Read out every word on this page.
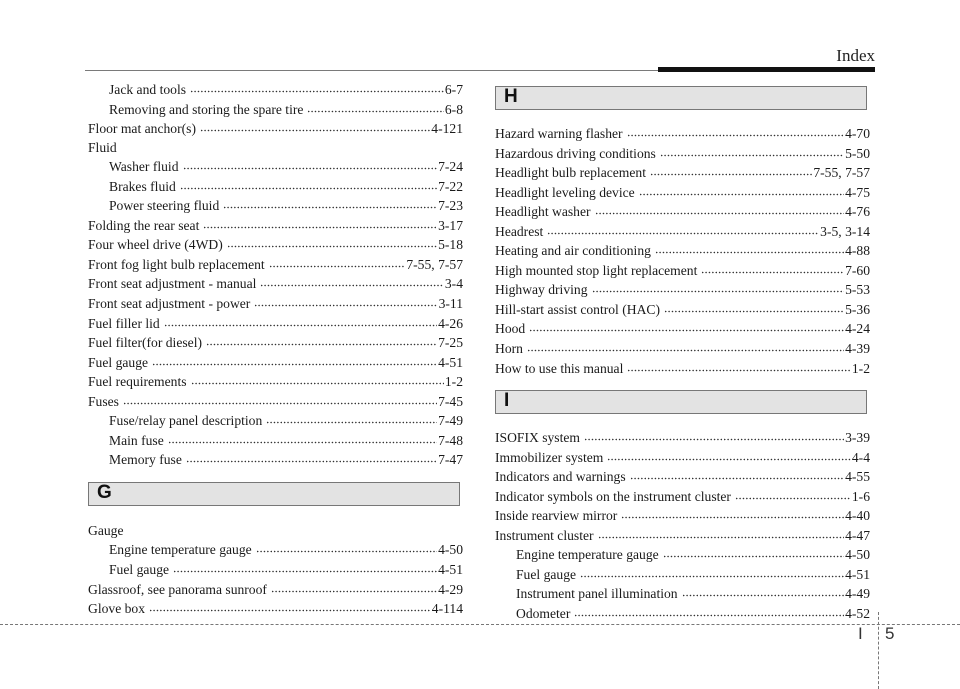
Index
Jack and tools	6-7
Removing and storing the spare tire	6-8
Floor mat anchor(s)	4-121
Fluid
Washer fluid	7-24
Brakes fluid	7-22
Power steering fluid	7-23
Folding the rear seat	3-17
Four wheel drive (4WD)	5-18
Front fog light bulb replacement	7-55, 7-57
Front seat adjustment - manual	3-4
Front seat adjustment - power	3-11
Fuel filler lid	4-26
Fuel filter(for diesel)	7-25
Fuel gauge	4-51
Fuel requirements	1-2
Fuses	7-45
Fuse/relay panel description	7-49
Main fuse	7-48
Memory fuse	7-47
G
Gauge
Engine temperature gauge	4-50
Fuel gauge	4-51
Glassroof, see panorama sunroof	4-29
Glove box	4-114
H
Hazard warning flasher	4-70
Hazardous driving conditions	5-50
Headlight bulb replacement	7-55, 7-57
Headlight leveling device	4-75
Headlight washer	4-76
Headrest	3-5, 3-14
Heating and air conditioning	4-88
High mounted stop light replacement	7-60
Highway driving	5-53
Hill-start assist control (HAC)	5-36
Hood	4-24
Horn	4-39
How to use this manual	1-2
I
ISOFIX system	3-39
Immobilizer system	4-4
Indicators and warnings	4-55
Indicator symbols on the instrument cluster	1-6
Inside rearview mirror	4-40
Instrument cluster	4-47
Engine temperature gauge	4-50
Fuel gauge	4-51
Instrument panel illumination	4-49
Odometer	4-52
I 5
